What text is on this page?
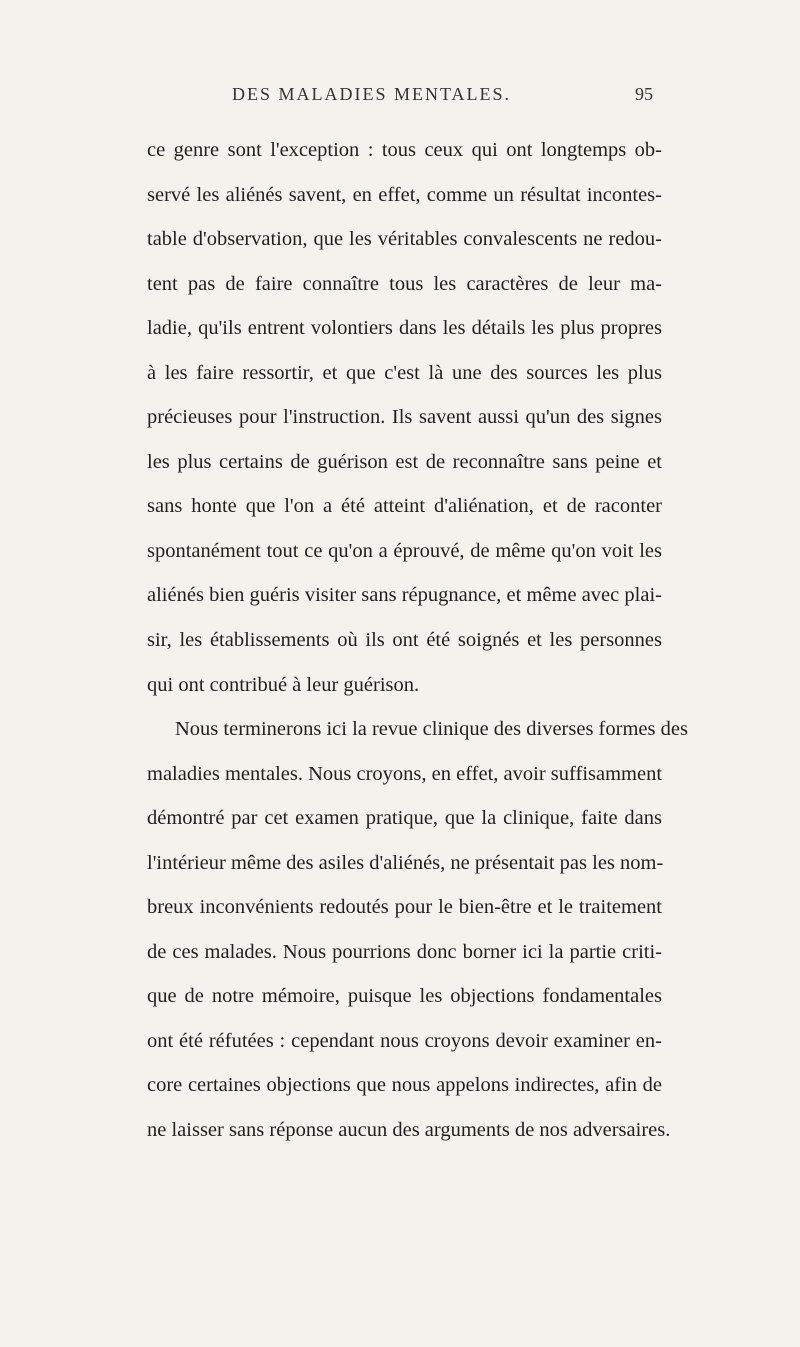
DES MALADIES MENTALES.	95
ce genre sont l'exception : tous ceux qui ont longtemps ob-
servé les aliénés savent, en effet, comme un résultat incontes-
table d'observation, que les véritables convalescents ne redou-
tent pas de faire connaître tous les caractères de leur ma-
ladie, qu'ils entrent volontiers dans les détails les plus propres
à les faire ressortir, et que c'est là une des sources les plus
précieuses pour l'instruction. Ils savent aussi qu'un des signes
les plus certains de guérison est de reconnaître sans peine et
sans honte que l'on a été atteint d'aliénation, et de raconter
spontanément tout ce qu'on a éprouvé, de même qu'on voit les
aliénés bien guéris visiter sans répugnance, et même avec plai-
sir, les établissements où ils ont été soignés et les personnes
qui ont contribué à leur guérison.
Nous terminerons ici la revue clinique des diverses formes des
maladies mentales. Nous croyons, en effet, avoir suffisamment
démontré par cet examen pratique, que la clinique, faite dans
l'intérieur même des asiles d'aliénés, ne présentait pas les nom-
breux inconvénients redoutés pour le bien-être et le traitement
de ces malades. Nous pourrions donc borner ici la partie criti-
que de notre mémoire, puisque les objections fondamentales
ont été réfutées : cependant nous croyons devoir examiner en-
core certaines objections que nous appelons indirectes, afin de
ne laisser sans réponse aucun des arguments de nos adversaires.
